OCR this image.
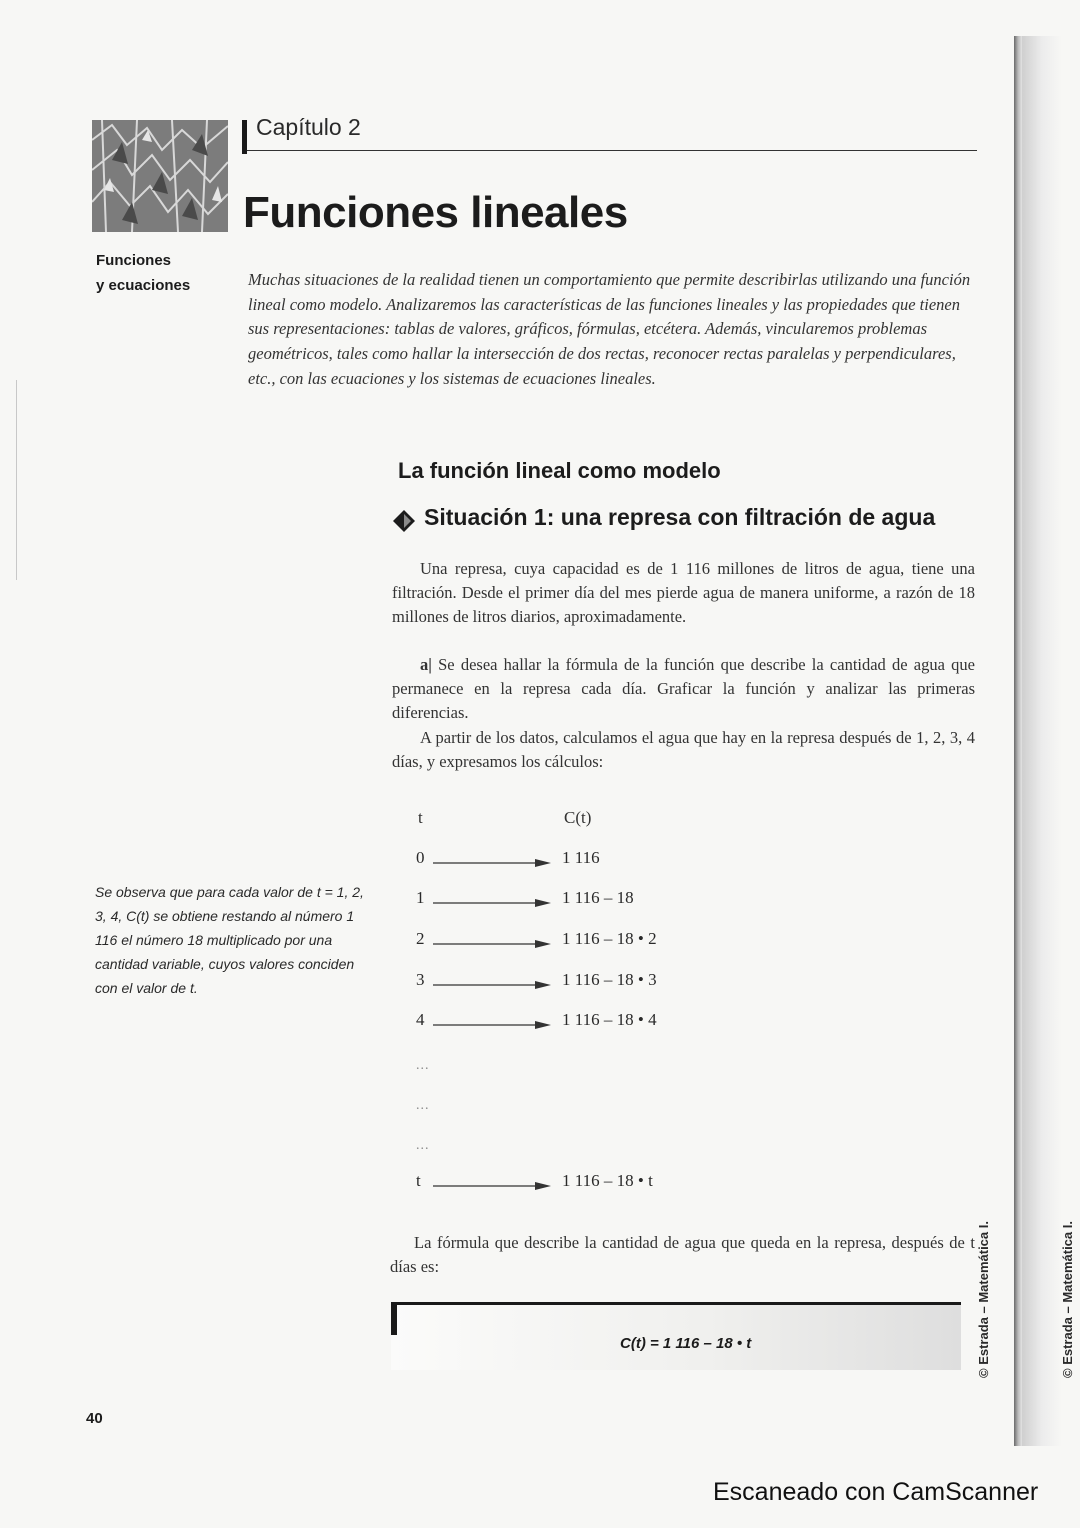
Capítulo 2
Funciones lineales
Funciones
y ecuaciones	Muchas situaciones de la realidad tienen un comportamiento que permite describirlas utilizando una función lineal como modelo. Analizaremos las características de las funciones lineales y las propiedades que tienen sus representaciones: tablas de valores, gráficos, fórmulas, etcétera. Además, vincularemos problemas geométricos, tales como hallar la intersección de dos rectas, reconocer rectas paralelas y perpendiculares, etc., con las ecuaciones y los sistemas de ecuaciones lineales.

La función lineal como modelo
Situación 1: una represa con filtración de agua

Una represa, cuya capacidad es de 1 116 millones de litros de agua, tiene una filtración. Desde el primer día del mes pierde agua de manera uniforme, a razón de 18 millones de litros diarios, aproximadamente.

a| Se desea hallar la fórmula de la función que describe la cantidad de agua que permanece en la represa cada día. Graficar la función y analizar las primeras diferencias.

A partir de los datos, calculamos el agua que hay en la represa después de 1, 2, 3, 4 días, y expresamos los cálculos:

t	C(t)
0	1 116
1	1 116 – 18
2	1 116 – 18 • 2
3	1 116 – 18 • 3
4	1 116 – 18 • 4
...
...
...
t	1 116 – 18 • t

Se observa que para cada valor de t = 1, 2, 3, 4, C(t) se obtiene restando al número 1 116 el número 18 multiplicado por una cantidad variable, cuyos valores conciden con el valor de t.

La fórmula que describe la cantidad de agua que queda en la represa, después de t días es:

C(t) = 1 116 – 18 • t
40
© Estrada – Matemática I.	© Estrada – Matemática I.
Escaneado con CamScanner
